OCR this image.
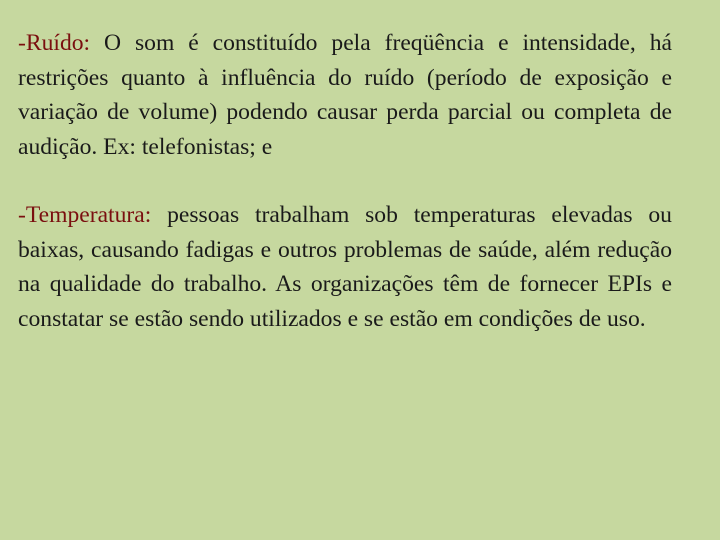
-Ruído: O som é constituído pela freqüência e intensidade, há restrições quanto à influência do ruído (período de exposição e variação de volume) podendo causar perda parcial ou completa de audição. Ex: telefonistas; e

-Temperatura: pessoas trabalham sob temperaturas elevadas ou baixas, causando fadigas e outros problemas de saúde, além redução na qualidade do trabalho. As organizações têm de fornecer EPIs e constatar se estão sendo utilizados e se estão em condições de uso.
